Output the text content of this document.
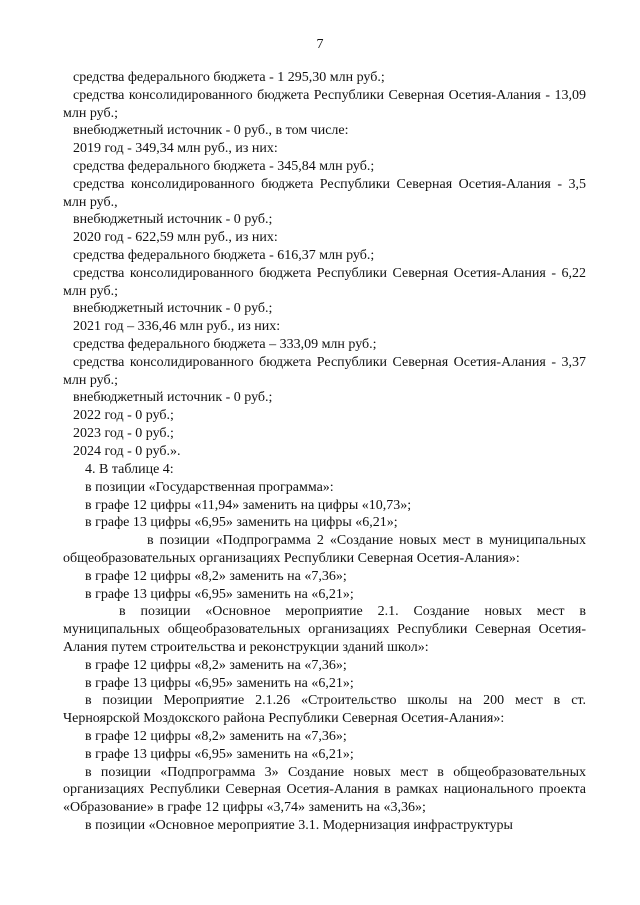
7

средства федерального бюджета - 1 295,30 млн руб.;

средства консолидированного бюджета Республики Северная Осетия-Алания - 13,09 млн руб.;

внебюджетный источник - 0 руб., в том числе:

2019 год - 349,34 млн руб., из них:

средства федерального бюджета - 345,84 млн руб.;

средства консолидированного бюджета Республики Северная Осетия-Алания - 3,5 млн руб.,

внебюджетный источник - 0 руб.;

2020 год - 622,59 млн руб., из них:

средства федерального бюджета - 616,37 млн руб.;

средства консолидированного бюджета Республики Северная Осетия-Алания - 6,22 млн руб.;

внебюджетный источник - 0 руб.;

2021 год – 336,46 млн руб., из них:

средства федерального бюджета – 333,09 млн руб.;

средства консолидированного бюджета Республики Северная Осетия-Алания - 3,37 млн руб.;

внебюджетный источник - 0 руб.;

2022 год - 0 руб.;

2023 год - 0 руб.;

2024 год - 0 руб.».

4. В таблице 4:

в позиции «Государственная программа»:

в графе 12 цифры «11,94» заменить на цифры «10,73»;

в графе 13 цифры «6,95» заменить на цифры «6,21»;

в позиции «Подпрограмма 2 «Создание новых мест в муниципальных общеобразовательных организациях Республики Северная Осетия-Алания»:

в графе 12 цифры «8,2» заменить на «7,36»;

в графе 13 цифры «6,95» заменить на «6,21»;

в позиции «Основное мероприятие 2.1. Создание новых мест в муниципальных общеобразовательных организациях Республики Северная Осетия-Алания путем строительства и реконструкции зданий школ»:

в графе 12 цифры «8,2» заменить на «7,36»;

в графе 13 цифры «6,95» заменить на «6,21»;

в позиции Мероприятие 2.1.26 «Строительство школы на 200 мест в ст. Черноярской Моздокского района Республики Северная Осетия-Алания»:

в графе 12 цифры «8,2» заменить на «7,36»;

в графе 13 цифры «6,95» заменить на «6,21»;

в позиции «Подпрограмма 3» Создание новых мест в общеобразовательных организациях Республики Северная Осетия-Алания в рамках национального проекта «Образование» в графе 12 цифры «3,74» заменить на «3,36»;

в позиции «Основное мероприятие 3.1. Модернизация инфраструктуры
